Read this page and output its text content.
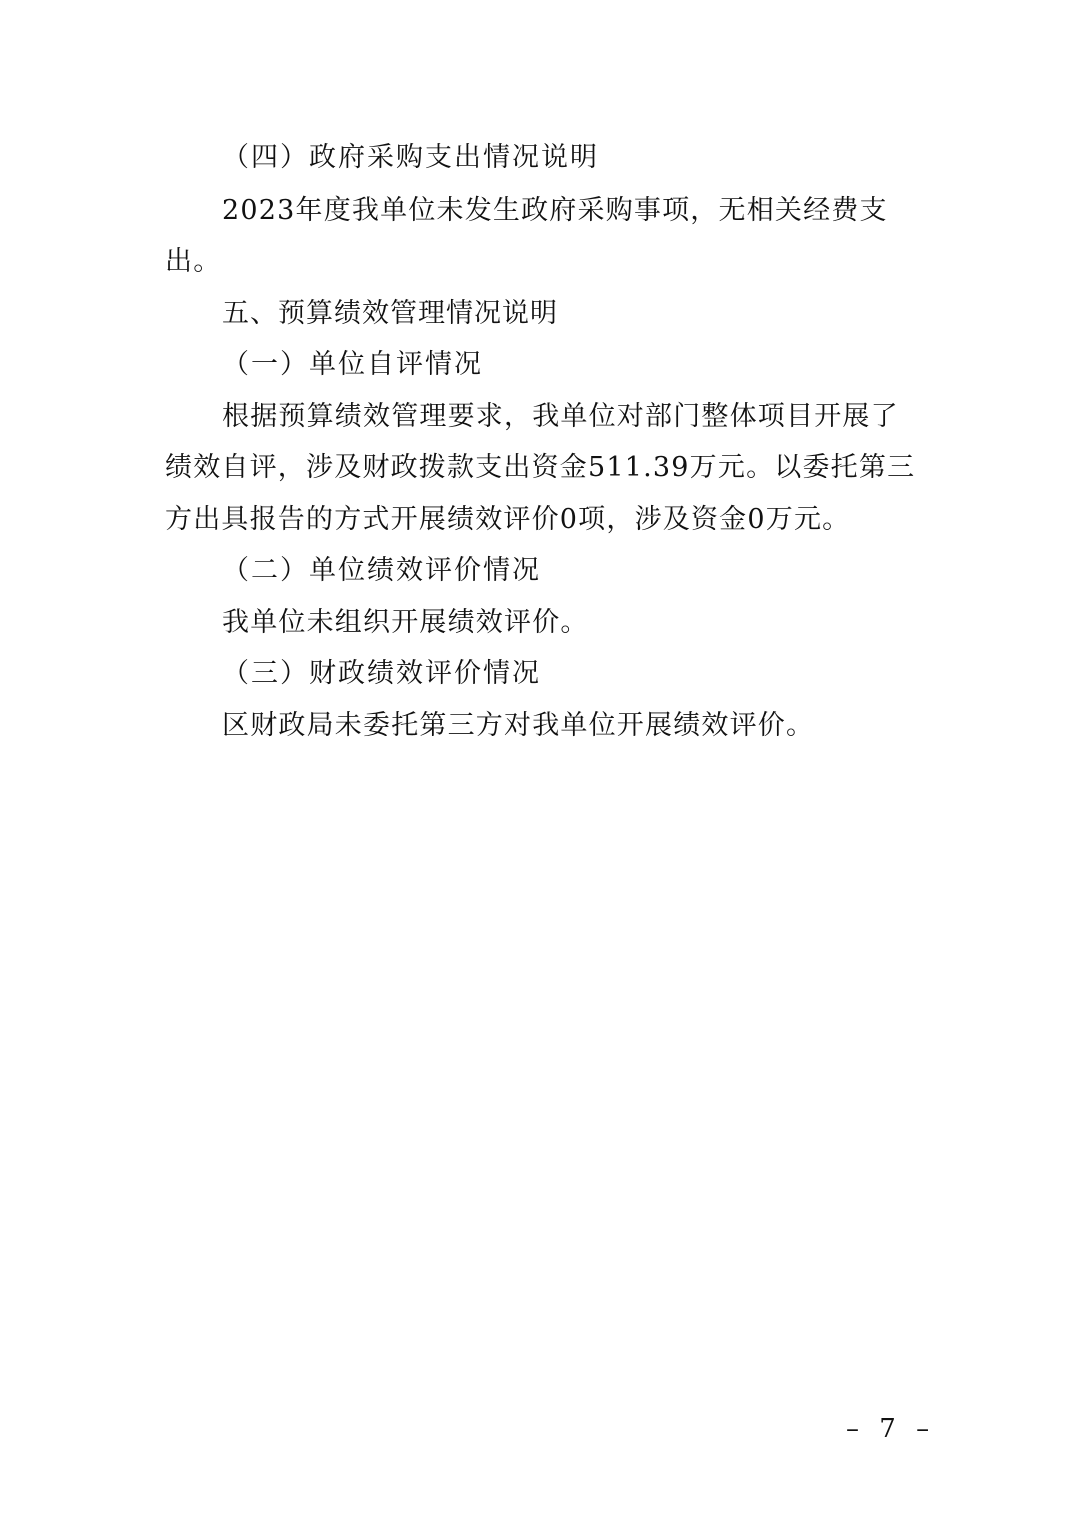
（四）政府采购支出情况说明
2023年度我单位未发生政府采购事项，无相关经费支
出。
五、预算绩效管理情况说明
（一）单位自评情况
根据预算绩效管理要求，我单位对部门整体项目开展了
绩效自评，涉及财政拨款支出资金511.39万元。以委托第三
方出具报告的方式开展绩效评价0项，涉及资金0万元。
（二）单位绩效评价情况
我单位未组织开展绩效评价。
（三）财政绩效评价情况
区财政局未委托第三方对我单位开展绩效评价。
– 7 –
